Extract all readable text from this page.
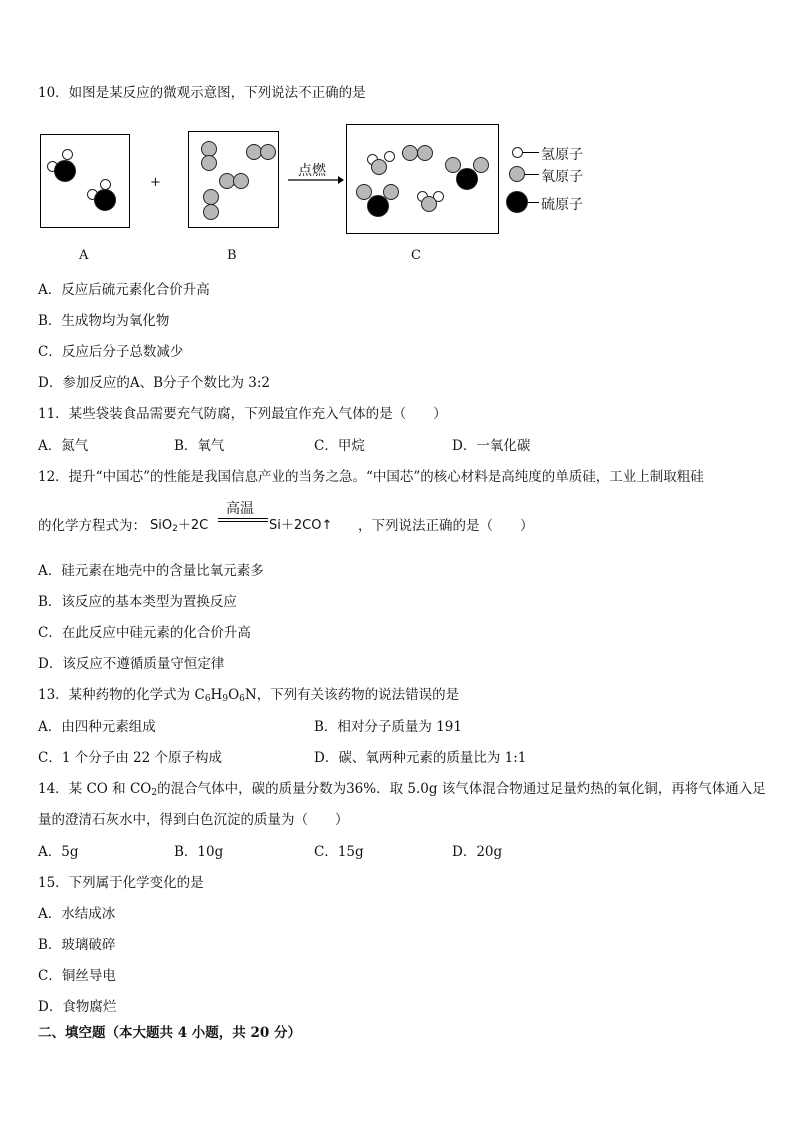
10．如图是某反应的微观示意图，下列说法不正确的是
+
点燃
氢原子
氧原子
硫原子
A	B	C
A．反应后硫元素化合价升高
B．生成物均为氧化物
C．反应后分子总数减少
D．参加反应的A、B分子个数比为 3:2
11．某些袋装食品需要充气防腐，下列最宜作充入气体的是（　　）
A．氮气	B．氧气	C．甲烷	D．一氧化碳
12．提升“中国芯”的性能是我国信息产业的当务之急。“中国芯”的核心材料是高纯度的单质硅，工业上制取粗硅
的化学方程式为： SiO$_2$＋2C
高温
Si＋2CO↑ ，下列说法正确的是（　　）
A．硅元素在地壳中的含量比氧元素多
B．该反应的基本类型为置换反应
C．在此反应中硅元素的化合价升高
D．该反应不遵循质量守恒定律
13．某种药物的化学式为 $C_6H_9O_6N$，下列有关该药物的说法错误的是
A．由四种元素组成	B．相对分子质量为 191
C．1 个分子由 22 个原子构成	D．碳、氧两种元素的质量比为 1:1
14．某 CO 和 $CO_2$的混合气体中，碳的质量分数为36%．取 5.0g 该气体混合物通过足量灼热的氧化铜，再将气体通入足
量的澄清石灰水中，得到白色沉淀的质量为（　　）
A．5g	B．10g	C．15g	D．20g
15．下列属于化学变化的是
A．水结成冰
B．玻璃破碎
C．铜丝导电
D．食物腐烂
二、填空题（本大题共 4 小题，共 20 分）
